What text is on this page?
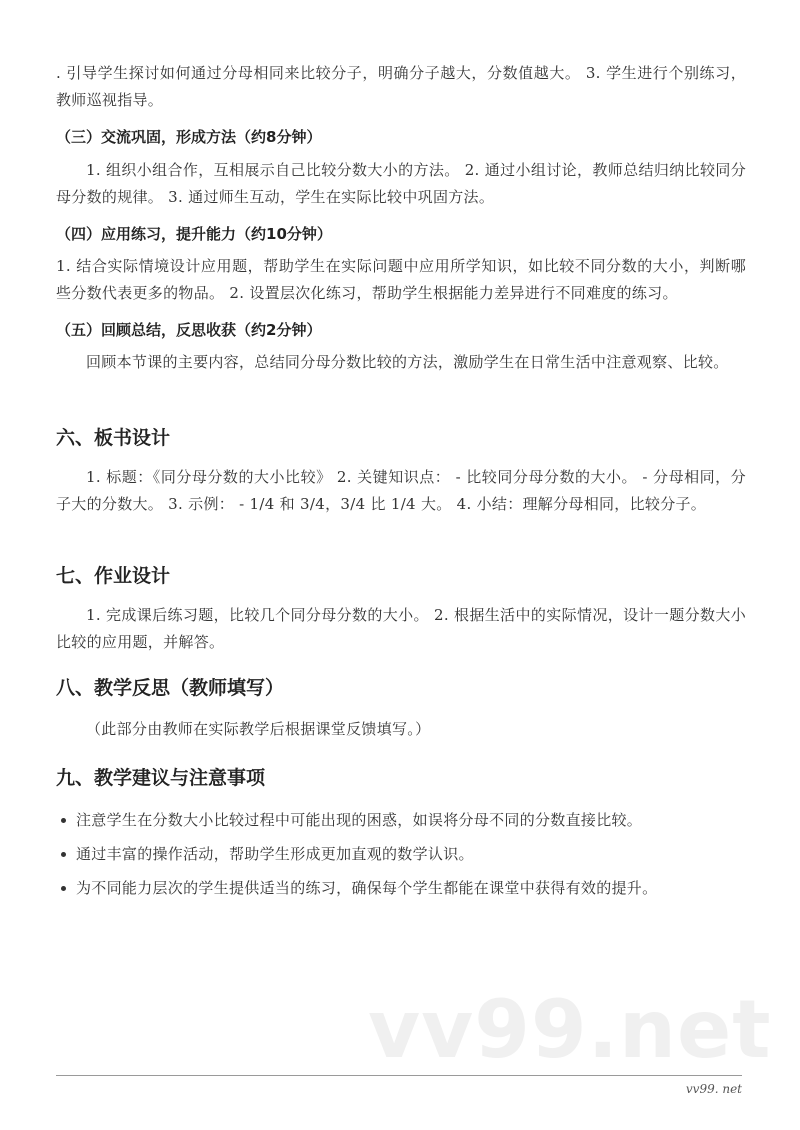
. 引导学生探讨如何通过分母相同来比较分子，明确分子越大，分数值越大。 3. 学生进行个别练习，教师巡视指导。

（三）交流巩固，形成方法（约8分钟）

1. 组织小组合作，互相展示自己比较分数大小的方法。 2. 通过小组讨论，教师总结归纳比较同分母分数的规律。 3. 通过师生互动，学生在实际比较中巩固方法。

（四）应用练习，提升能力（约10分钟）

1. 结合实际情境设计应用题，帮助学生在实际问题中应用所学知识，如比较不同分数的大小，判断哪些分数代表更多的物品。 2. 设置层次化练习，帮助学生根据能力差异进行不同难度的练习。

（五）回顾总结，反思收获（约2分钟）

回顾本节课的主要内容，总结同分母分数比较的方法，激励学生在日常生活中注意观察、比较。

六、板书设计

1. 标题：《同分母分数的大小比较》 2. 关键知识点： - 比较同分母分数的大小。 - 分母相同，分子大的分数大。 3. 示例： - 1/4 和 3/4，3/4 比 1/4 大。 4. 小结：理解分母相同，比较分子。

七、作业设计

1. 完成课后练习题，比较几个同分母分数的大小。 2. 根据生活中的实际情况，设计一题分数大小比较的应用题，并解答。

八、教学反思（教师填写）

（此部分由教师在实际教学后根据课堂反馈填写。）

九、教学建议与注意事项
注意学生在分数大小比较过程中可能出现的困惑，如误将分母不同的分数直接比较。
通过丰富的操作活动，帮助学生形成更加直观的数学认识。
为不同能力层次的学生提供适当的练习，确保每个学生都能在课堂中获得有效的提升。
vv99.net
vv99. net
